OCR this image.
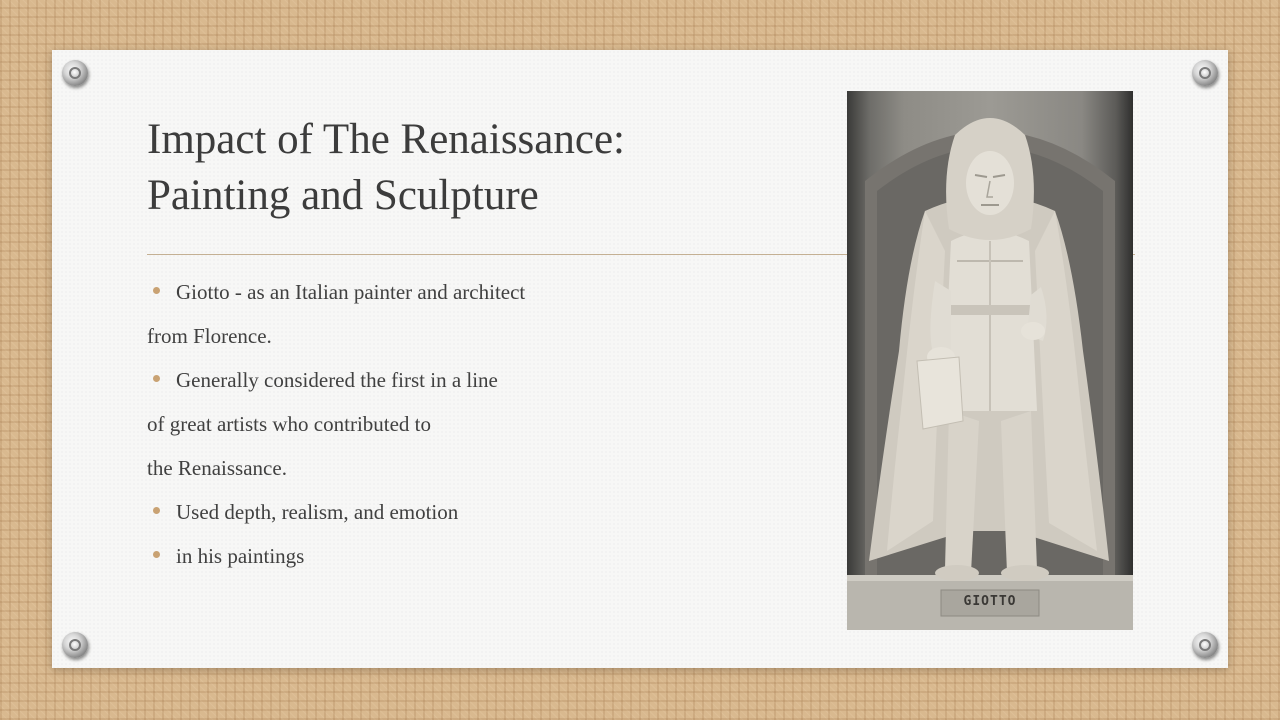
Impact of The Renaissance:
Painting and Sculpture
Giotto - as an Italian painter and architect
from Florence.
Generally considered the first in a line
of great artists who contributed to
the Renaissance.
Used depth, realism, and emotion
in his paintings
GIOTTO
